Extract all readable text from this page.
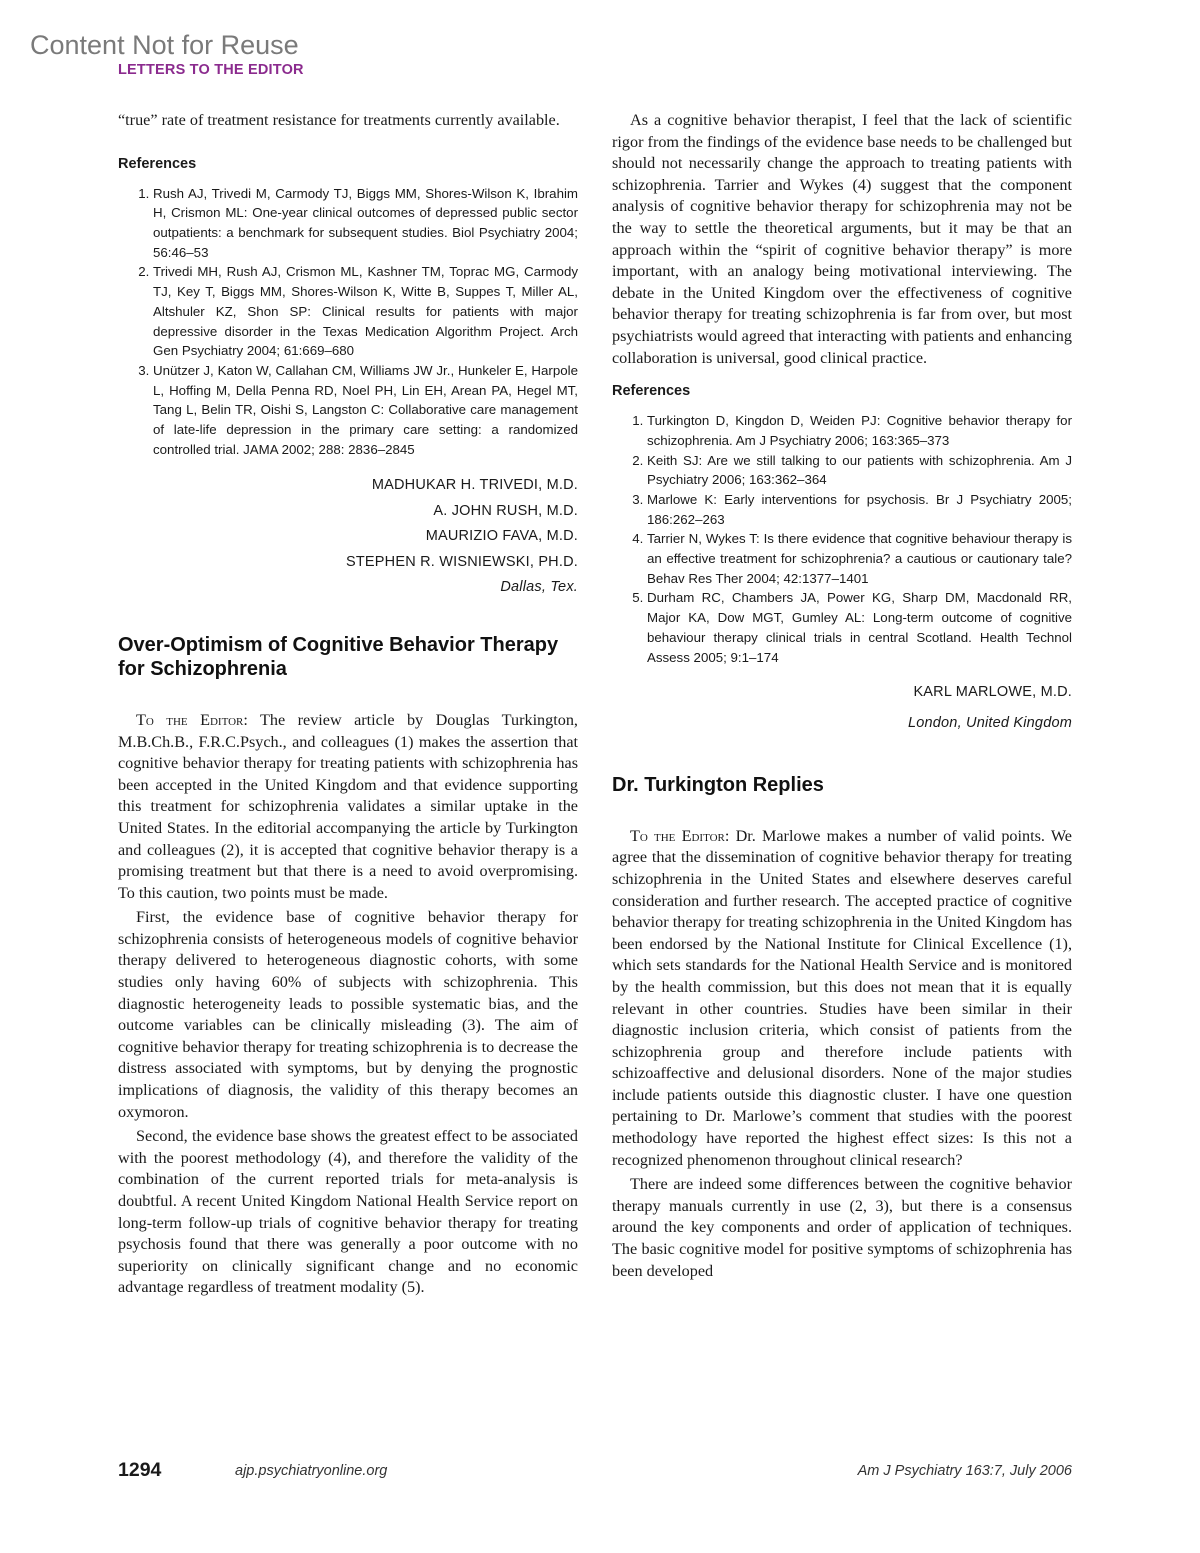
Content Not for Reuse
LETTERS TO THE EDITOR

“true” rate of treatment resistance for treatments currently available.

References
1. Rush AJ, Trivedi M, Carmody TJ, Biggs MM, Shores-Wilson K, Ibrahim H, Crismon ML: One-year clinical outcomes of depressed public sector outpatients: a benchmark for subsequent studies. Biol Psychiatry 2004; 56:46–53
2. Trivedi MH, Rush AJ, Crismon ML, Kashner TM, Toprac MG, Carmody TJ, Key T, Biggs MM, Shores-Wilson K, Witte B, Suppes T, Miller AL, Altshuler KZ, Shon SP: Clinical results for patients with major depressive disorder in the Texas Medication Algorithm Project. Arch Gen Psychiatry 2004; 61:669–680
3. Unützer J, Katon W, Callahan CM, Williams JW Jr., Hunkeler E, Harpole L, Hoffing M, Della Penna RD, Noel PH, Lin EH, Arean PA, Hegel MT, Tang L, Belin TR, Oishi S, Langston C: Collaborative care management of late-life depression in the primary care setting: a randomized controlled trial. JAMA 2002; 288: 2836–2845
MADHUKAR H. TRIVEDI, M.D.
A. JOHN RUSH, M.D.
MAURIZIO FAVA, M.D.
STEPHEN R. WISNIEWSKI, PH.D.
Dallas, Tex.
Over-Optimism of Cognitive Behavior Therapy for Schizophrenia

To the Editor: The review article by Douglas Turkington, M.B.Ch.B., F.R.C.Psych., and colleagues (1) makes the assertion that cognitive behavior therapy for treating patients with schizophrenia has been accepted in the United Kingdom and that evidence supporting this treatment for schizophrenia validates a similar uptake in the United States. In the editorial accompanying the article by Turkington and colleagues (2), it is accepted that cognitive behavior therapy is a promising treatment but that there is a need to avoid overpromising. To this caution, two points must be made.

First, the evidence base of cognitive behavior therapy for schizophrenia consists of heterogeneous models of cognitive behavior therapy delivered to heterogeneous diagnostic cohorts, with some studies only having 60% of subjects with schizophrenia. This diagnostic heterogeneity leads to possible systematic bias, and the outcome variables can be clinically misleading (3). The aim of cognitive behavior therapy for treating schizophrenia is to decrease the distress associated with symptoms, but by denying the prognostic implications of diagnosis, the validity of this therapy becomes an oxymoron.

Second, the evidence base shows the greatest effect to be associated with the poorest methodology (4), and therefore the validity of the combination of the current reported trials for meta-analysis is doubtful. A recent United Kingdom National Health Service report on long-term follow-up trials of cognitive behavior therapy for treating psychosis found that there was generally a poor outcome with no superiority on clinically significant change and no economic advantage regardless of treatment modality (5).

As a cognitive behavior therapist, I feel that the lack of scientific rigor from the findings of the evidence base needs to be challenged but should not necessarily change the approach to treating patients with schizophrenia. Tarrier and Wykes (4) suggest that the component analysis of cognitive behavior therapy for schizophrenia may not be the way to settle the theoretical arguments, but it may be that an approach within the “spirit of cognitive behavior therapy” is more important, with an analogy being motivational interviewing. The debate in the United Kingdom over the effectiveness of cognitive behavior therapy for treating schizophrenia is far from over, but most psychiatrists would agreed that interacting with patients and enhancing collaboration is universal, good clinical practice.

References
1. Turkington D, Kingdon D, Weiden PJ: Cognitive behavior therapy for schizophrenia. Am J Psychiatry 2006; 163:365–373
2. Keith SJ: Are we still talking to our patients with schizophrenia. Am J Psychiatry 2006; 163:362–364
3. Marlowe K: Early interventions for psychosis. Br J Psychiatry 2005; 186:262–263
4. Tarrier N, Wykes T: Is there evidence that cognitive behaviour therapy is an effective treatment for schizophrenia? a cautious or cautionary tale? Behav Res Ther 2004; 42:1377–1401
5. Durham RC, Chambers JA, Power KG, Sharp DM, Macdonald RR, Major KA, Dow MGT, Gumley AL: Long-term outcome of cognitive behaviour therapy clinical trials in central Scotland. Health Technol Assess 2005; 9:1–174
KARL MARLOWE, M.D.
London, United Kingdom
Dr. Turkington Replies

To the Editor: Dr. Marlowe makes a number of valid points. We agree that the dissemination of cognitive behavior therapy for treating schizophrenia in the United States and elsewhere deserves careful consideration and further research. The accepted practice of cognitive behavior therapy for treating schizophrenia in the United Kingdom has been endorsed by the National Institute for Clinical Excellence (1), which sets standards for the National Health Service and is monitored by the health commission, but this does not mean that it is equally relevant in other countries. Studies have been similar in their diagnostic inclusion criteria, which consist of patients from the schizophrenia group and therefore include patients with schizoaffective and delusional disorders. None of the major studies include patients outside this diagnostic cluster. I have one question pertaining to Dr. Marlowe’s comment that studies with the poorest methodology have reported the highest effect sizes: Is this not a recognized phenomenon throughout clinical research?

There are indeed some differences between the cognitive behavior therapy manuals currently in use (2, 3), but there is a consensus around the key components and order of application of techniques. The basic cognitive model for positive symptoms of schizophrenia has been developed

1294	ajp.psychiatryonline.org	Am J Psychiatry 163:7, July 2006
